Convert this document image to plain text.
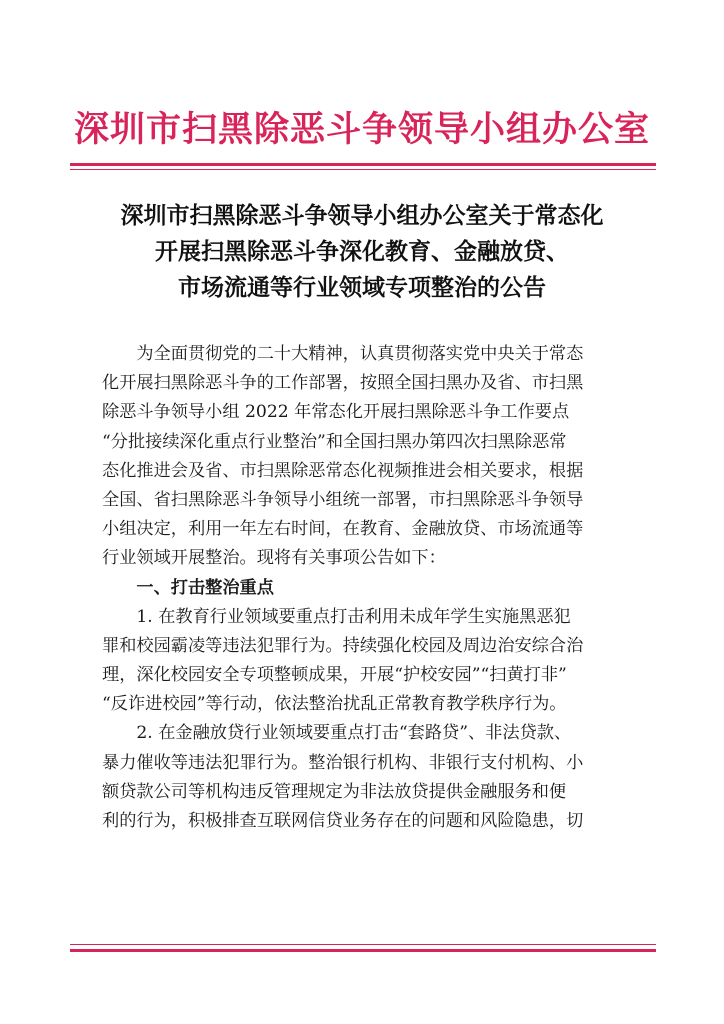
深圳市扫黑除恶斗争领导小组办公室
深圳市扫黑除恶斗争领导小组办公室关于常态化
开展扫黑除恶斗争深化教育、金融放贷、
市场流通等行业领域专项整治的公告
　　为全面贯彻党的二十大精神，认真贯彻落实党中央关于常态
化开展扫黑除恶斗争的工作部署，按照全国扫黑办及省、市扫黑
除恶斗争领导小组 2022 年常态化开展扫黑除恶斗争工作要点
“分批接续深化重点行业整治”和全国扫黑办第四次扫黑除恶常
态化推进会及省、市扫黑除恶常态化视频推进会相关要求，根据
全国、省扫黑除恶斗争领导小组统一部署，市扫黑除恶斗争领导
小组决定，利用一年左右时间，在教育、金融放贷、市场流通等
行业领域开展整治。现将有关事项公告如下：
　　一、打击整治重点
　　1. 在教育行业领域要重点打击利用未成年学生实施黑恶犯
罪和校园霸凌等违法犯罪行为。持续强化校园及周边治安综合治
理，深化校园安全专项整顿成果，开展“护校安园”“扫黄打非”
“反诈进校园”等行动，依法整治扰乱正常教育教学秩序行为。
　　2. 在金融放贷行业领域要重点打击“套路贷”、非法贷款、
暴力催收等违法犯罪行为。整治银行机构、非银行支付机构、小
额贷款公司等机构违反管理规定为非法放贷提供金融服务和便
利的行为，积极排查互联网信贷业务存在的问题和风险隐患，切
